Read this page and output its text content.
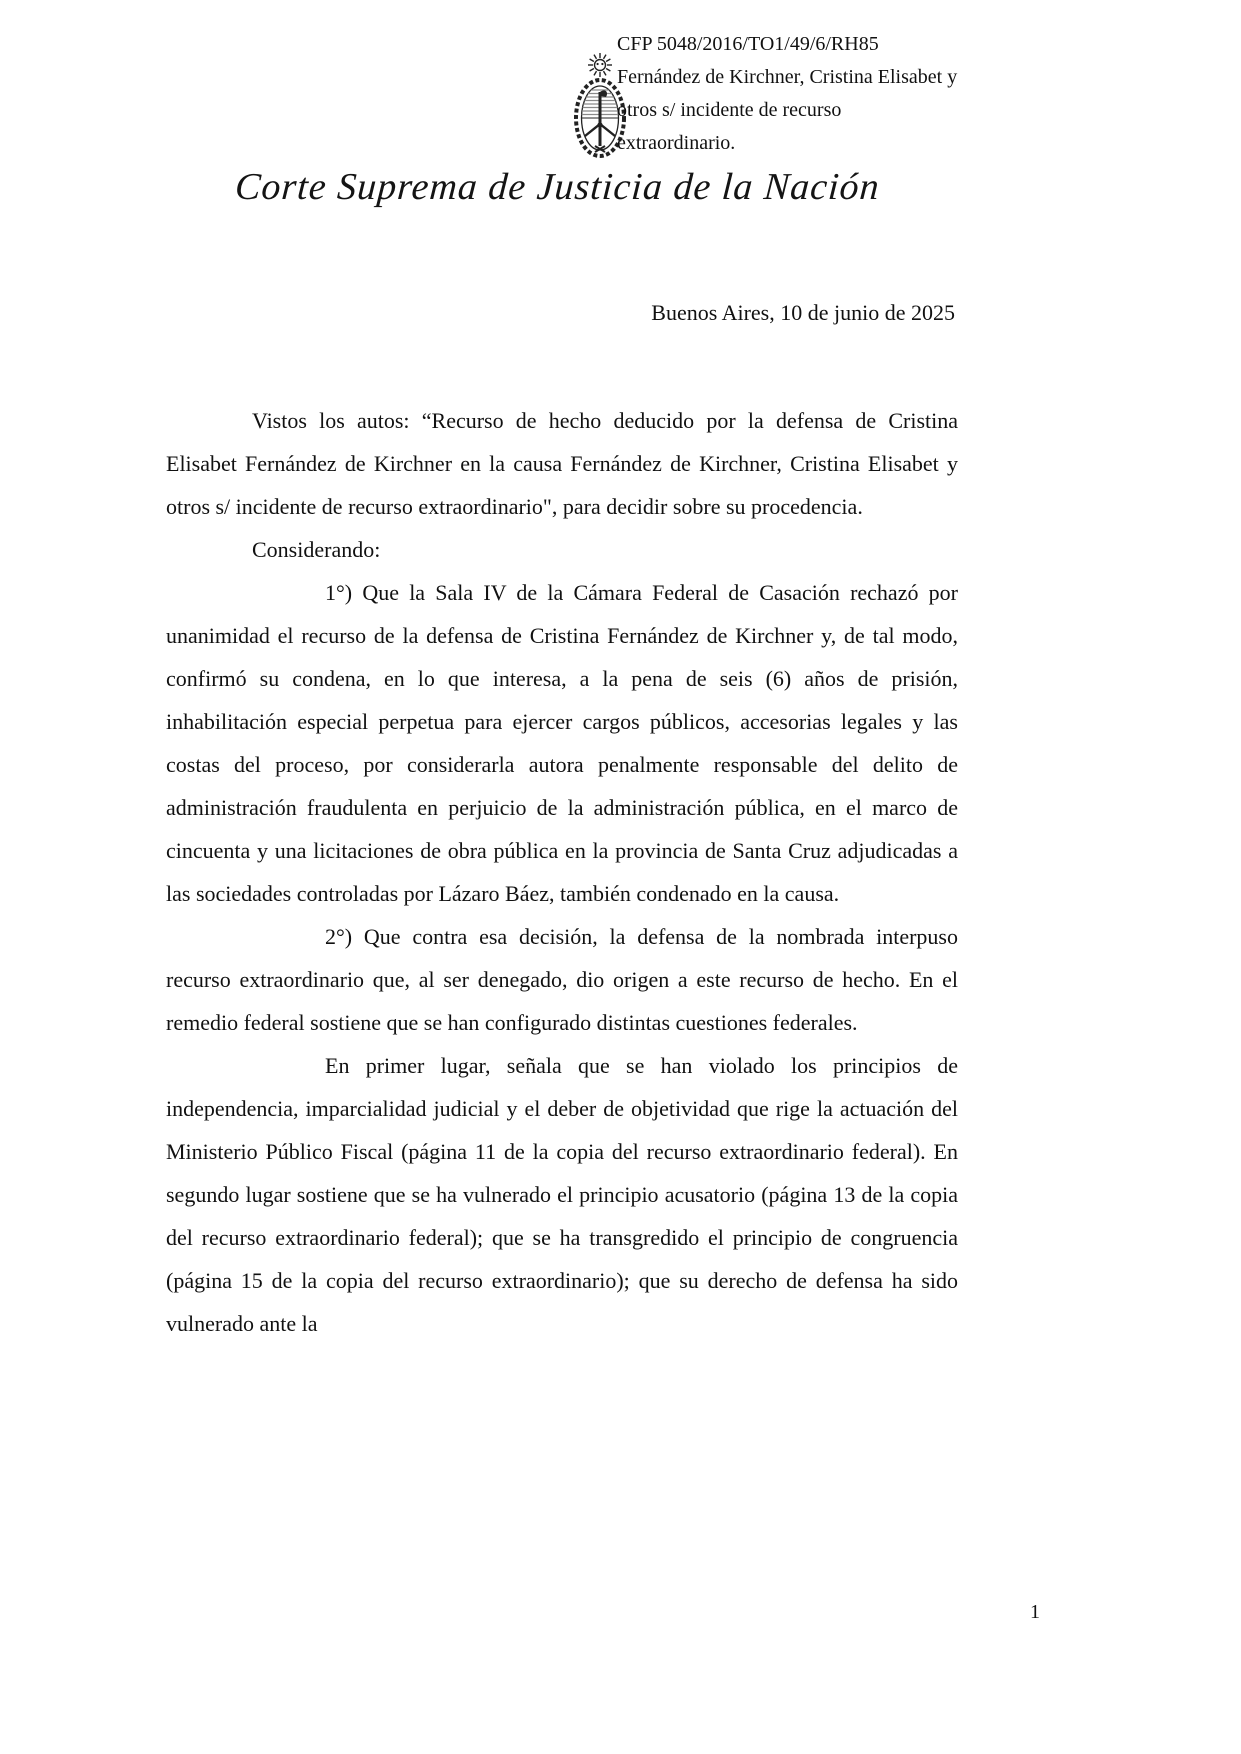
CFP 5048/2016/TO1/49/6/RH85
Fernández de Kirchner, Cristina Elisabet y
otros s/ incidente de recurso
extraordinario.
Corte Suprema de Justicia de la Nación
Buenos Aires, 10 de junio de 2025

Vistos los autos: “Recurso de hecho deducido por la defensa de Cristina Elisabet Fernández de Kirchner en la causa Fernández de Kirchner, Cristina Elisabet y otros s/ incidente de recurso extraordinario", para decidir sobre su procedencia.

Considerando:

1°) Que la Sala IV de la Cámara Federal de Casación rechazó por unanimidad el recurso de la defensa de Cristina Fernández de Kirchner y, de tal modo, confirmó su condena, en lo que interesa, a la pena de seis (6) años de prisión, inhabilitación especial perpetua para ejercer cargos públicos, accesorias legales y las costas del proceso, por considerarla autora penalmente responsable del delito de administración fraudulenta en perjuicio de la administración pública, en el marco de cincuenta y una licitaciones de obra pública en la provincia de Santa Cruz adjudicadas a las sociedades controladas por Lázaro Báez, también condenado en la causa.

2°) Que contra esa decisión, la defensa de la nombrada interpuso recurso extraordinario que, al ser denegado, dio origen a este recurso de hecho. En el remedio federal sostiene que se han configurado distintas cuestiones federales.

En primer lugar, señala que se han violado los principios de independencia, imparcialidad judicial y el deber de objetividad que rige la actuación del Ministerio Público Fiscal (página 11 de la copia del recurso extraordinario federal). En segundo lugar sostiene que se ha vulnerado el principio acusatorio (página 13 de la copia del recurso extraordinario federal); que se ha transgredido el principio de congruencia (página 15 de la copia del recurso extraordinario); que su derecho de defensa ha sido vulnerado ante la

1
